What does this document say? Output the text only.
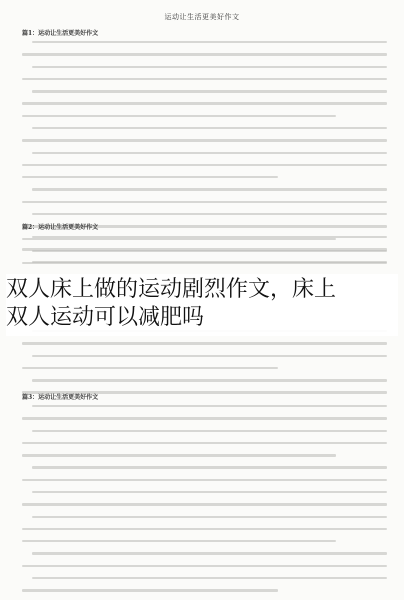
运动让生活更美好作文
篇1：运动让生活更美好作文
篇2：运动让生活更美好作文
篇3：运动让生活更美好作文
双人床上做的运动剧烈作文，床上
双人运动可以减肥吗
